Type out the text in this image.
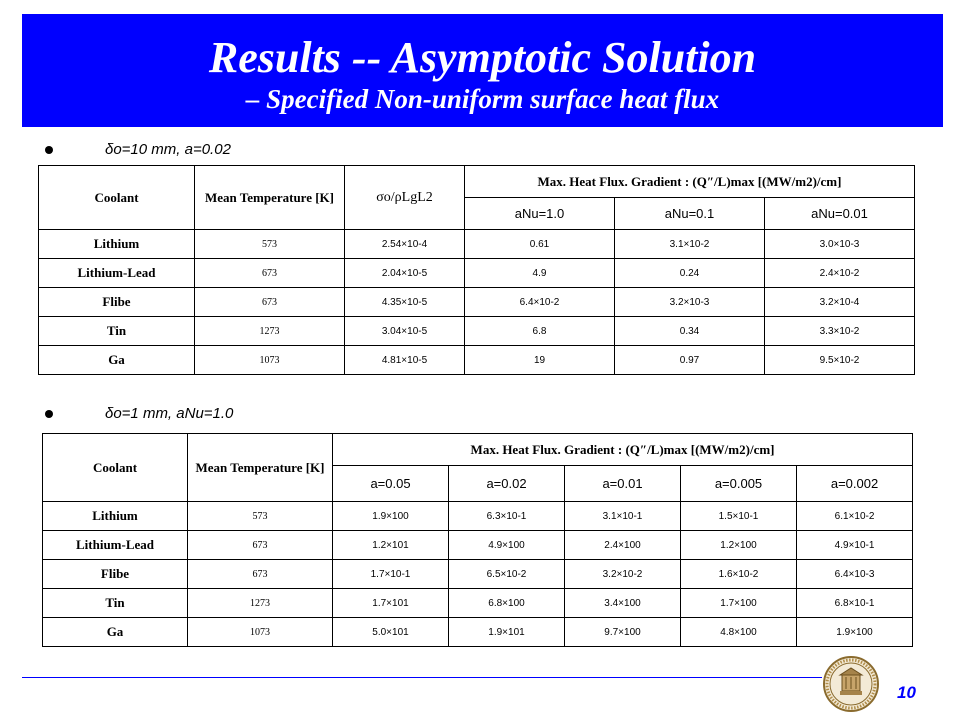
Results -- Asymptotic Solution
– Specified Non-uniform surface heat flux
δo=10 mm, a=0.02
Coolant	Mean Temperature [K]	σo/ρLgL2	Max. Heat Flux. Gradient : (Q″/L)max [(MW/m2)/cm]		
			aNu=1.0	aNu=0.1	aNu=0.01
Lithium	573	2.54×10-4	0.61	3.1×10-2	3.0×10-3
Lithium-Lead	673	2.04×10-5	4.9	0.24	2.4×10-2
Flibe	673	4.35×10-5	6.4×10-2	3.2×10-3	3.2×10-4
Tin	1273	3.04×10-5	6.8	0.34	3.3×10-2
Ga	1073	4.81×10-5	19	0.97	9.5×10-2
δo=1 mm, aNu=1.0
Coolant	Mean Temperature [K]	Max. Heat Flux. Gradient : (Q″/L)max [(MW/m2)/cm]				
		a=0.05	a=0.02	a=0.01	a=0.005	a=0.002
Lithium	573	1.9×100	6.3×10-1	3.1×10-1	1.5×10-1	6.1×10-2
Lithium-Lead	673	1.2×101	4.9×100	2.4×100	1.2×100	4.9×10-1
Flibe	673	1.7×10-1	6.5×10-2	3.2×10-2	1.6×10-2	6.4×10-3
Tin	1273	1.7×101	6.8×100	3.4×100	1.7×100	6.8×10-1
Ga	1073	5.0×101	1.9×101	9.7×100	4.8×100	1.9×100
10
